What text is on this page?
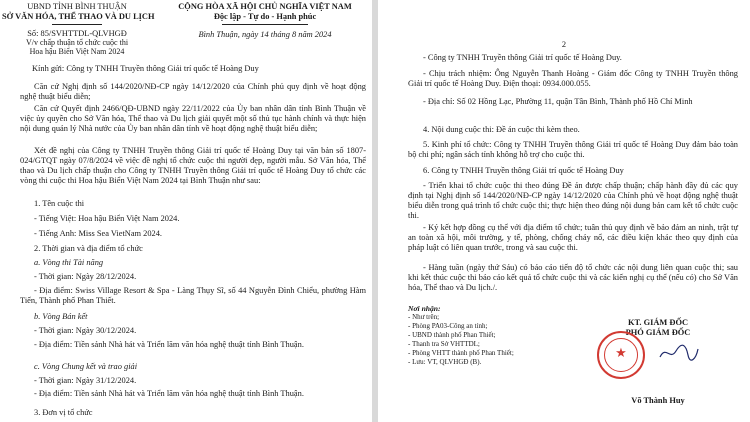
UBND TỈNH BÌNH THUẬN
SỞ VĂN HÓA, THỂ THAO VÀ DU LỊCH
Số: 85/SVHTTDL-QLVHGĐ
V/v chấp thuận tổ chức cuộc thi
Hoa hậu Biển Việt Nam 2024
CỘNG HÒA XÃ HỘI CHỦ NGHĨA VIỆT NAM
Độc lập - Tự do - Hạnh phúc
Bình Thuận, ngày 14 tháng 8 năm 2024
Kính gửi: Công ty TNHH Truyền thông Giải trí quốc tế Hoàng Duy
Căn cứ Nghị định số 144/2020/NĐ-CP ngày 14/12/2020 của Chính phủ quy định về hoạt động nghệ thuật biểu diễn;
Căn cứ Quyết định 2466/QĐ-UBND ngày 22/11/2022 của Ủy ban nhân dân tỉnh Bình Thuận về việc ủy quyền cho Sở Văn hóa, Thể thao và Du lịch giải quyết một số thủ tục hành chính và thực hiện nội dung quản lý Nhà nước của Ủy ban nhân dân tỉnh về hoạt động nghệ thuật biểu diễn;
Xét đề nghị của Công ty TNHH Truyền thông Giải trí quốc tế Hoàng Duy tại văn bản số 1807-024/GTQT ngày 07/8/2024 về việc đề nghị tổ chức cuộc thi người đẹp, người mẫu. Sở Văn hóa, Thể thao và Du lịch chấp thuận cho Công ty TNHH Truyền thông Giải trí quốc tế Hoàng Duy tổ chức các vòng thi cuộc thi Hoa hậu Biển Việt Nam 2024 tại Bình Thuận như sau:
1. Tên cuộc thi
- Tiếng Việt: Hoa hậu Biển Việt Nam 2024.
- Tiếng Anh: Miss Sea VietNam 2024.
2. Thời gian và địa điểm tổ chức
a. Vòng thi Tài năng
- Thời gian: Ngày 28/12/2024.
- Địa điểm: Swiss Village Resort & Spa - Làng Thụy Sĩ, số 44 Nguyễn Đình Chiểu, phường Hàm Tiến, Thành phố Phan Thiết.
b. Vòng Bán kết
- Thời gian: Ngày 30/12/2024.
- Địa điểm: Tiền sảnh Nhà hát và Triển lãm văn hóa nghệ thuật tỉnh Bình Thuận.
c. Vòng Chung kết và trao giải
- Thời gian: Ngày 31/12/2024.
- Địa điểm: Tiền sảnh Nhà hát và Triển lãm văn hóa nghệ thuật tỉnh Bình Thuận.
3. Đơn vị tổ chức
2
- Công ty TNHH Truyền thông Giải trí quốc tế Hoàng Duy.
- Chịu trách nhiệm: Ông Nguyễn Thanh Hoàng - Giám đốc Công ty TNHH Truyền thông Giải trí quốc tế Hoàng Duy. Điện thoại: 0934.000.055.
- Địa chỉ: Số 02 Hồng Lạc, Phường 11, quận Tân Bình, Thành phố Hồ Chí Minh
4. Nội dung cuộc thi: Đề án cuộc thi kèm theo.
5. Kinh phí tổ chức: Công ty TNHH Truyền thông Giải trí quốc tế Hoàng Duy đảm bảo toàn bộ chi phí; ngân sách tỉnh không hỗ trợ cho cuộc thi.
6. Công ty TNHH Truyền thông Giải trí quốc tế Hoàng Duy
- Triển khai tổ chức cuộc thi theo đúng Đề án được chấp thuận; chấp hành đầy đủ các quy định tại Nghị định số 144/2020/NĐ-CP ngày 14/12/2020 của Chính phủ về hoạt động nghệ thuật biểu diễn trong quá trình tổ chức cuộc thi; thực hiện theo đúng nội dung bản cam kết tổ chức cuộc thi.
- Ký kết hợp đồng cụ thể với địa điểm tổ chức; tuân thủ quy định về bảo đảm an ninh, trật tự an toàn xã hội, môi trường, y tế, phòng, chống cháy nổ, các điều kiện khác theo quy định của pháp luật có liên quan trước, trong và sau cuộc thi.
- Hàng tuần (ngày thứ Sáu) có báo cáo tiến độ tổ chức các nội dung liên quan cuộc thi; sau khi kết thúc cuộc thi báo cáo kết quả tổ chức cuộc thi và các kiến nghị cụ thể (nếu có) cho Sở Văn hóa, Thể thao và Du lịch./.
Nơi nhận:
- Như trên;
- Phòng PA03-Công an tỉnh;
- UBND thành phố Phan Thiết;
- Thanh tra Sở VHTTDL;
- Phòng VHTT thành phố Phan Thiết;
- Lưu: VT, QLVHGĐ (B).
KT. GIÁM ĐỐC
PHÓ GIÁM ĐỐC
★
Võ Thành Huy
